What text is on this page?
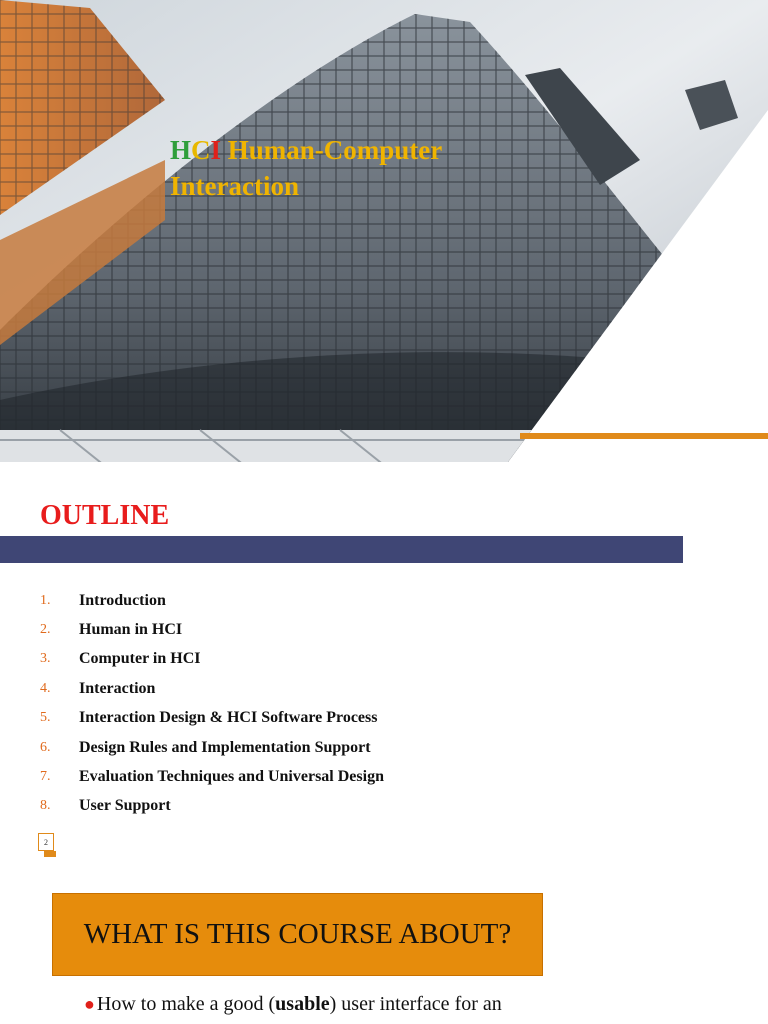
HCI Human-Computer
Interaction
OUTLINE
1.	Introduction
2.	Human in HCI
3.	Computer in HCI
4.	Interaction
5.	Interaction Design & HCI Software Process
6.	Design Rules and Implementation Support
7.	Evaluation Techniques and Universal Design
8.	User Support
2
WHAT IS THIS COURSE ABOUT?

● How to make a good (usable) user interface for an
